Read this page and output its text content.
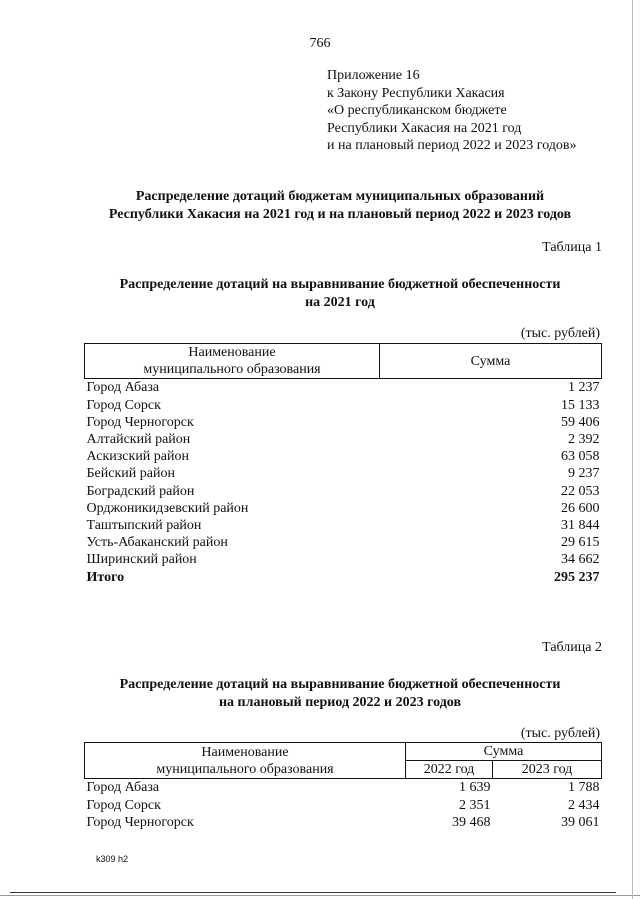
766
Приложение 16
к Закону Республики Хакасия
«О республиканском бюджете
Республики Хакасия на 2021 год
и на плановый период 2022 и 2023 годов»
Распределение дотаций бюджетам муниципальных образований
Республики Хакасия на 2021 год и на плановый период 2022 и 2023 годов
Таблица 1
Распределение дотаций на выравнивание бюджетной обеспеченности
на 2021 год
(тыс. рублей)
Наименование
муниципального образования	Сумма
Город Абаза	1 237
Город Сорск	15 133
Город Черногорск	59 406
Алтайский район	2 392
Аскизский район	63 058
Бейский район	9 237
Боградский район	22 053
Орджоникидзевский район	26 600
Таштыпский район	31 844
Усть-Абаканский район	29 615
Ширинский район	34 662
Итого	295 237
Таблица 2
Распределение дотаций на выравнивание бюджетной обеспеченности
на плановый период 2022 и 2023 годов
(тыс. рублей)
Наименование
муниципального образования	Сумма	
	2022 год	2023 год
Город Абаза	1 639	1 788
Город Сорск	2 351	2 434
Город Черногорск	39 468	39 061
k309 h2
